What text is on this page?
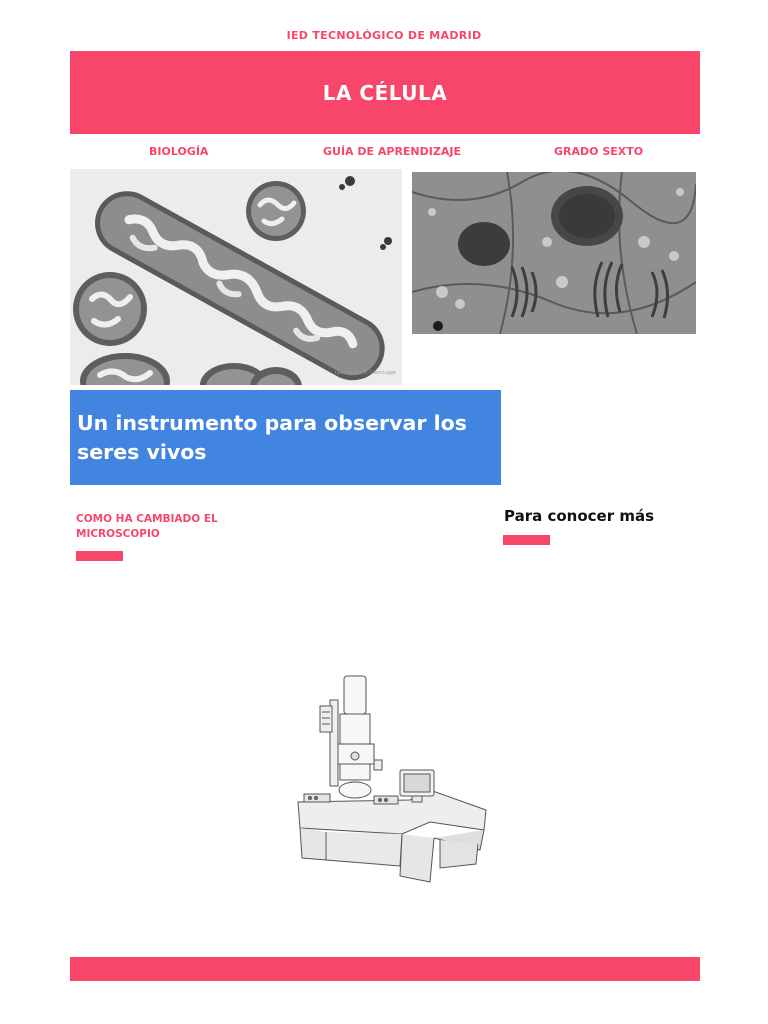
IED TECNOLÓGICO DE MADRID
LA CÉLULA
BIOLOGÍA	GUÍA DE APRENDIZAJE	GRADO SEXTO
Ilustración © Cienciugar
Un instrumento para observar los seres vivos
COMO HA CAMBIADO EL MICROSCOPIO
Para conocer más
